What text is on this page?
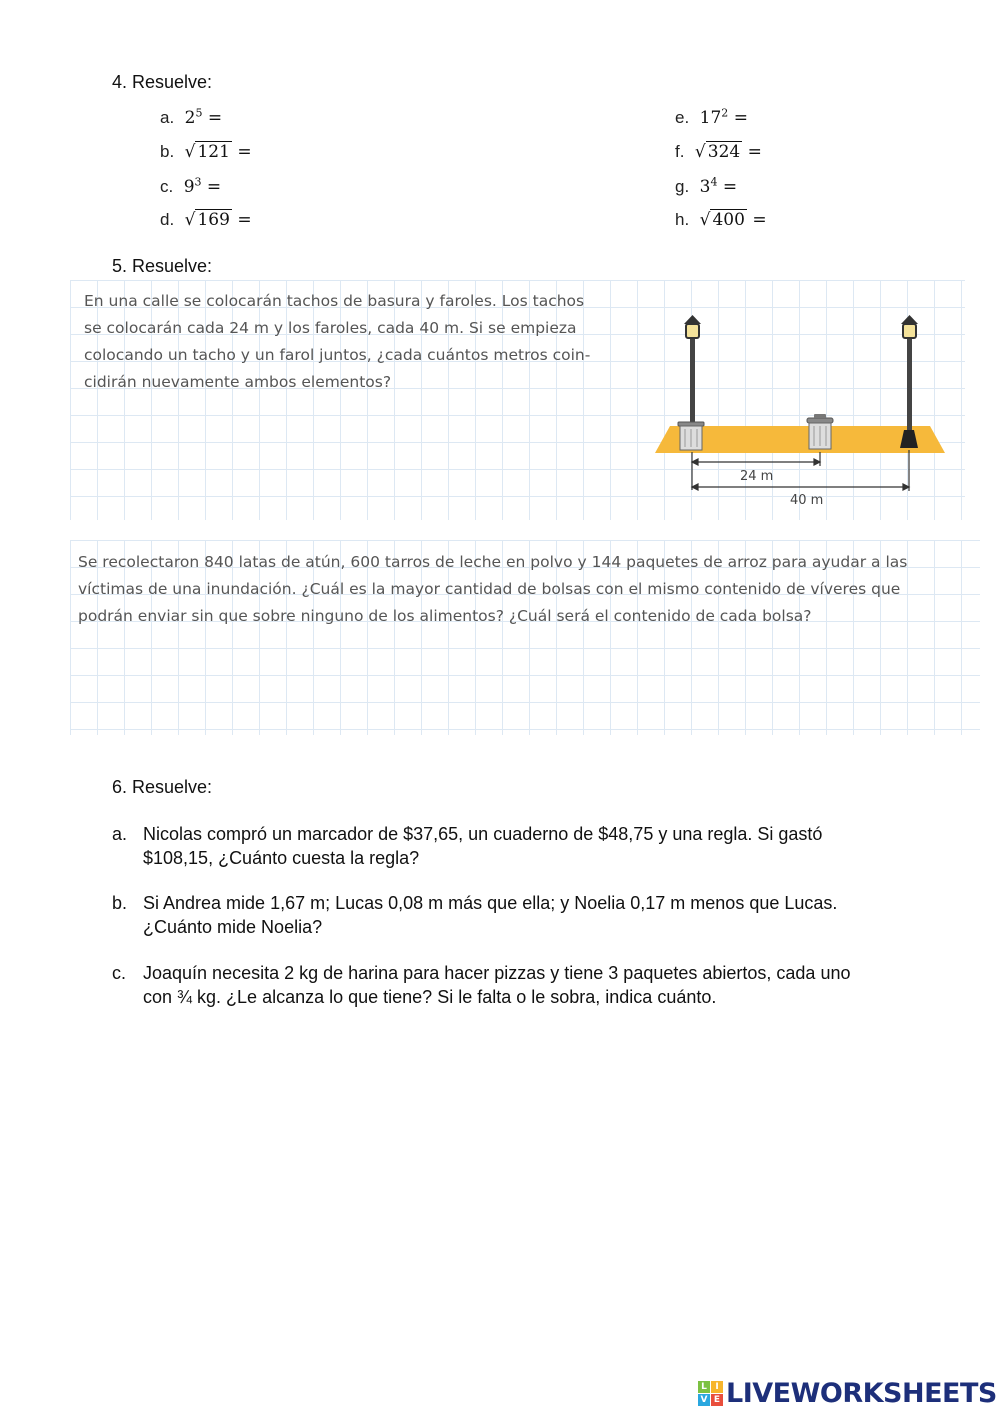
4. Resuelve:
a. $2^5$ =
b. √ 121 =
c. $9^3$ =
d. √ 169 =
e. $17^2$ =
f. √ 324 =
g. $3^4$ =
h. √ 400 =
5. Resuelve:
En una calle se colocarán tachos de basura y faroles. Los tachos
se colocarán cada 24 m y los faroles, cada 40 m. Si se empieza
colocando un tacho y un farol juntos, ¿cada cuántos metros coin-
cidirán nuevamente ambos elementos?
24 m
40 m
Se recolectaron 840 latas de atún, 600 tarros de leche en polvo y 144 paquetes de arroz para ayudar a las
víctimas de una inundación. ¿Cuál es la mayor cantidad de bolsas con el mismo contenido de víveres que
podrán enviar sin que sobre ninguno de los alimentos? ¿Cuál será el contenido de cada bolsa?
6. Resuelve:
a. Nicolas compró un marcador de $37,65, un cuaderno de $48,75 y una regla. Si gastó
$108,15, ¿Cuánto cuesta la regla?
b. Si Andrea mide 1,67 m; Lucas 0,08 m más que ella; y Noelia 0,17 m menos que Lucas.
¿Cuánto mide Noelia?
c. Joaquín necesita 2 kg de harina para hacer pizzas y tiene 3 paquetes abiertos, cada uno
con ¾ kg. ¿Le alcanza lo que tiene? Si le falta o le sobra, indica cuánto.
L I
V E LIVEWORKSHEETS
